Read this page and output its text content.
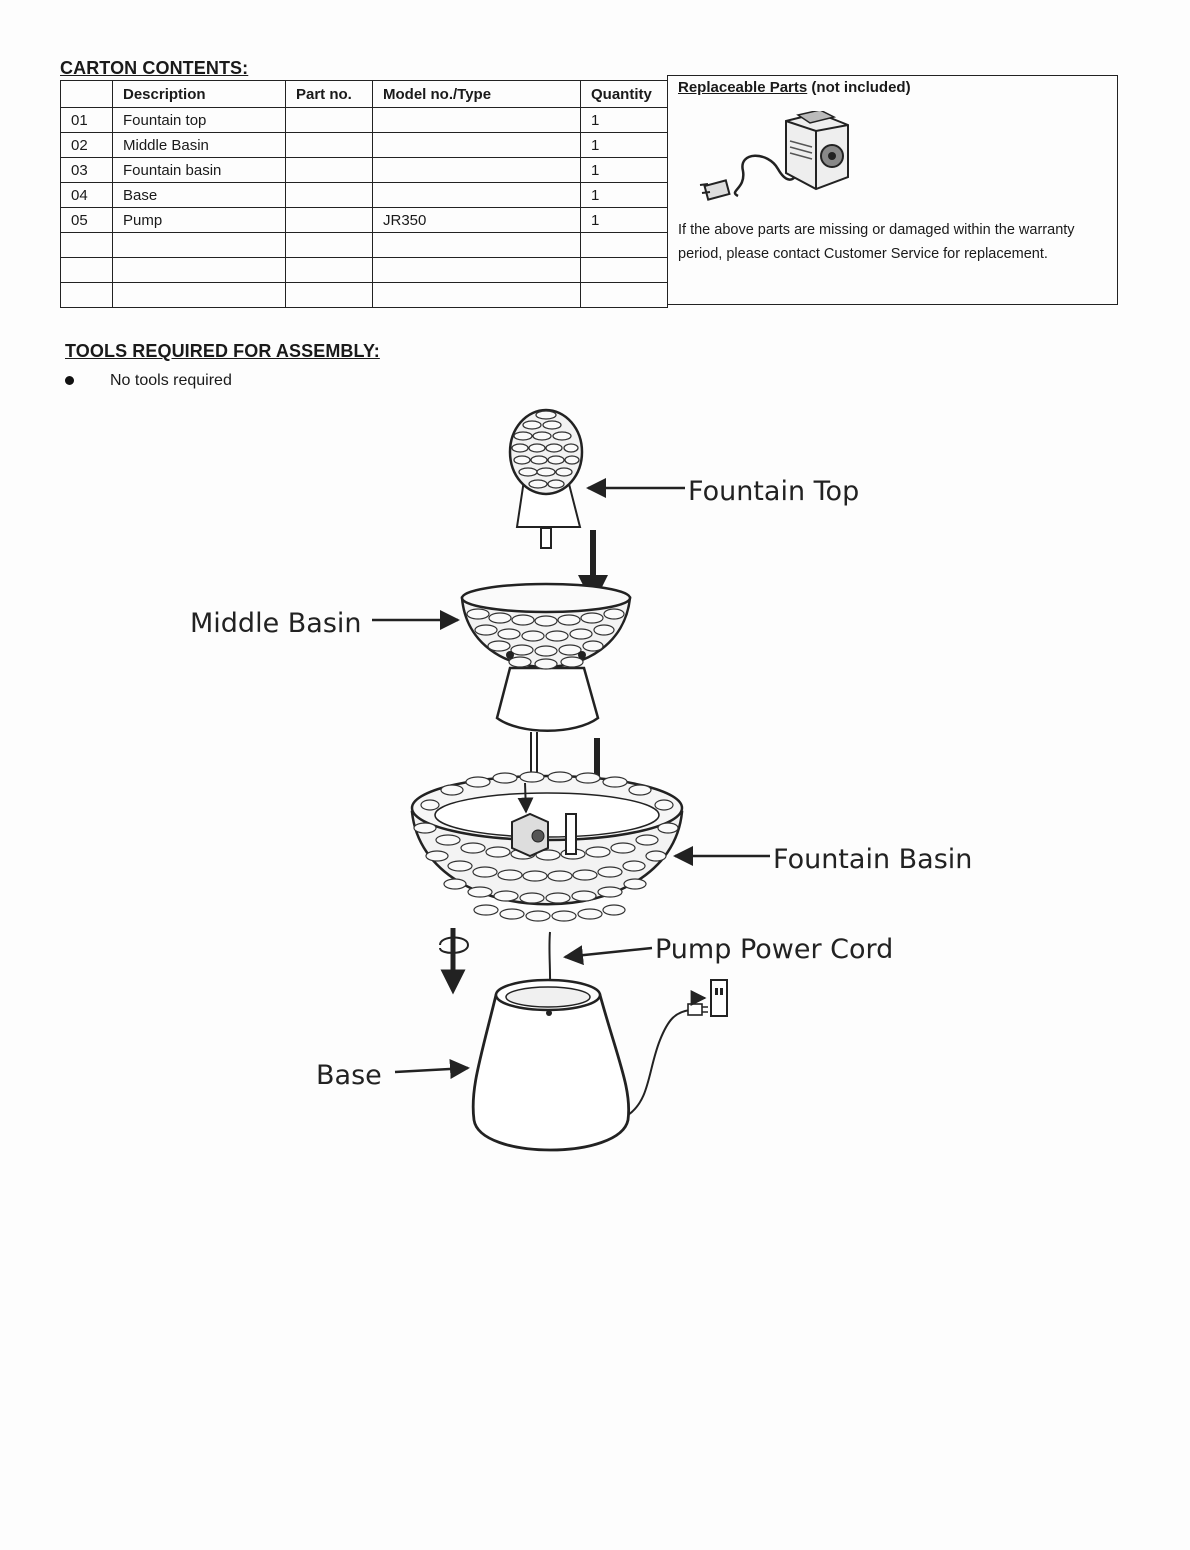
CARTON CONTENTS:
	Description	Part no.	Model no./Type	Quantity
01	Fountain top			1
02	Middle Basin			1
03	Fountain basin			1
04	Base			1
05	Pump		JR350	1

Replaceable Parts (not included)
If the above parts are missing or damaged within the warranty period, please contact Customer Service for replacement.
TOOLS REQUIRED FOR ASSEMBLY:
No tools required
Fountain Top
Middle Basin
Fountain Basin
Pump Power Cord
Base
